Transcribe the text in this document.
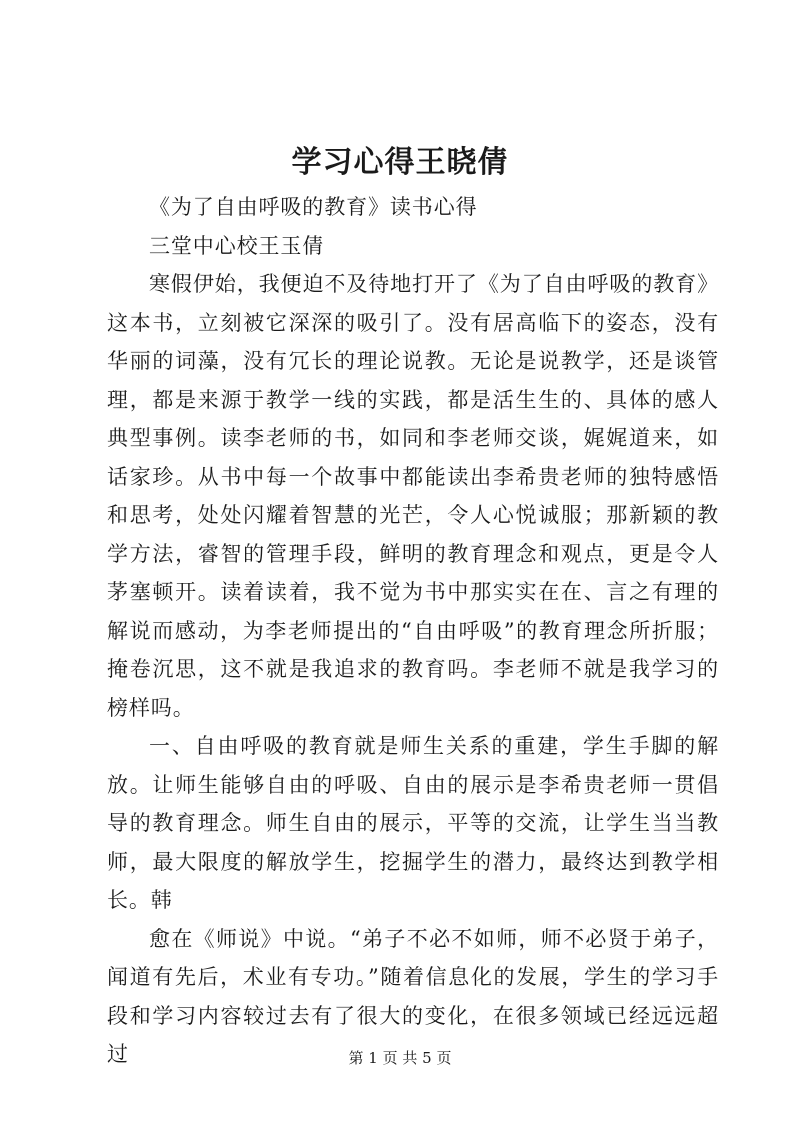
学习心得王晓倩

《为了自由呼吸的教育》读书心得

三堂中心校王玉倩

寒假伊始，我便迫不及待地打开了《为了自由呼吸的教育》这本书，立刻被它深深的吸引了。没有居高临下的姿态，没有华丽的词藻，没有冗长的理论说教。无论是说教学，还是谈管理，都是来源于教学一线的实践，都是活生生的、具体的感人典型事例。读李老师的书，如同和李老师交谈，娓娓道来，如话家珍。从书中每一个故事中都能读出李希贵老师的独特感悟和思考，处处闪耀着智慧的光芒，令人心悦诚服；那新颖的教学方法，睿智的管理手段，鲜明的教育理念和观点，更是令人茅塞顿开。读着读着，我不觉为书中那实实在在、言之有理的解说而感动，为李老师提出的“自由呼吸”的教育理念所折服；掩卷沉思，这不就是我追求的教育吗。李老师不就是我学习的榜样吗。

一、自由呼吸的教育就是师生关系的重建，学生手脚的解放。让师生能够自由的呼吸、自由的展示是李希贵老师一贯倡导的教育理念。师生自由的展示，平等的交流，让学生当当教师，最大限度的解放学生，挖掘学生的潜力，最终达到教学相长。韩

愈在《师说》中说。“弟子不必不如师，师不必贤于弟子，闻道有先后，术业有专功。”随着信息化的发展，学生的学习手段和学习内容较过去有了很大的变化，在很多领域已经远远超过	第 1 页 共 5 页
